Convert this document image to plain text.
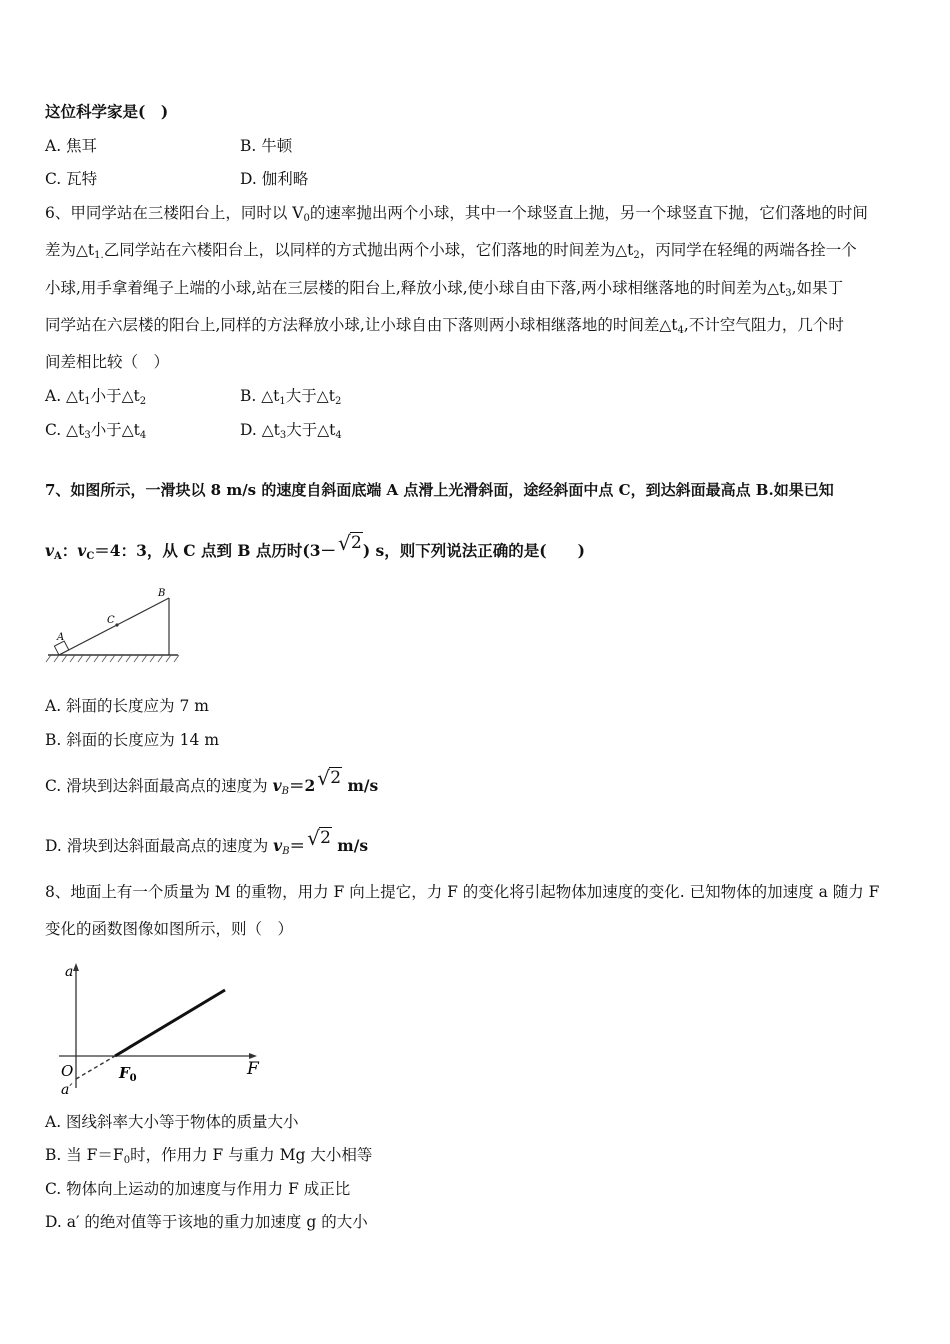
这位科学家是(　)
A. 焦耳	B. 牛顿
C. 瓦特	D. 伽利略
6、甲同学站在三楼阳台上，同时以 $V_0$的速率抛出两个小球，其中一个球竖直上抛，另一个球竖直下抛，它们落地的时间
差为$\triangle t_{1.}$乙同学站在六楼阳台上，以同样的方式抛出两个小球，它们落地的时间差为$\triangle t_2$，丙同学在轻绳的两端各拴一个
小球,用手拿着绳子上端的小球,站在三层楼的阳台上,释放小球,使小球自由下落,两小球相继落地的时间差为$\triangle t_3$,如果丁
同学站在六层楼的阳台上,同样的方法释放小球,让小球自由下落则两小球相继落地的时间差$\triangle t_4$,不计空气阻力，几个时
间差相比较（　）
A. $\triangle t_1$小于$\triangle t_2$	B. $\triangle t_1$大于$\triangle t_2$
C. $\triangle t_3$小于$\triangle t_4$	D. $\triangle t_3$大于$\triangle t_4$
7、如图所示，一滑块以 8 m/s 的速度自斜面底端 A 点滑上光滑斜面，途经斜面中点 C，到达斜面最高点 B.如果已知
$v_A$：$v_C=4$：3，从 C 点到 B 点历时(3－ √ 2) s，则下列说法正确的是(　　)
A
B
C
A. 斜面的长度应为 7 m
B. 斜面的长度应为 14 m
C. 滑块到达斜面最高点的速度为 $v_B=2$ √ 2 m/s
D. 滑块到达斜面最高点的速度为 $v_B=$ √ 2 m/s
8、地面上有一个质量为 M 的重物，用力 F 向上提它，力 F 的变化将引起物体加速度的变化. 已知物体的加速度 a 随力 F
变化的函数图像如图所示，则（　）
a
O
a′
$F_0$	F
A. 图线斜率大小等于物体的质量大小
B. 当 $F=F_0$时，作用力 F 与重力 Mg 大小相等
C. 物体向上运动的加速度与作用力 F 成正比
D. a′ 的绝对值等于该地的重力加速度 g 的大小
